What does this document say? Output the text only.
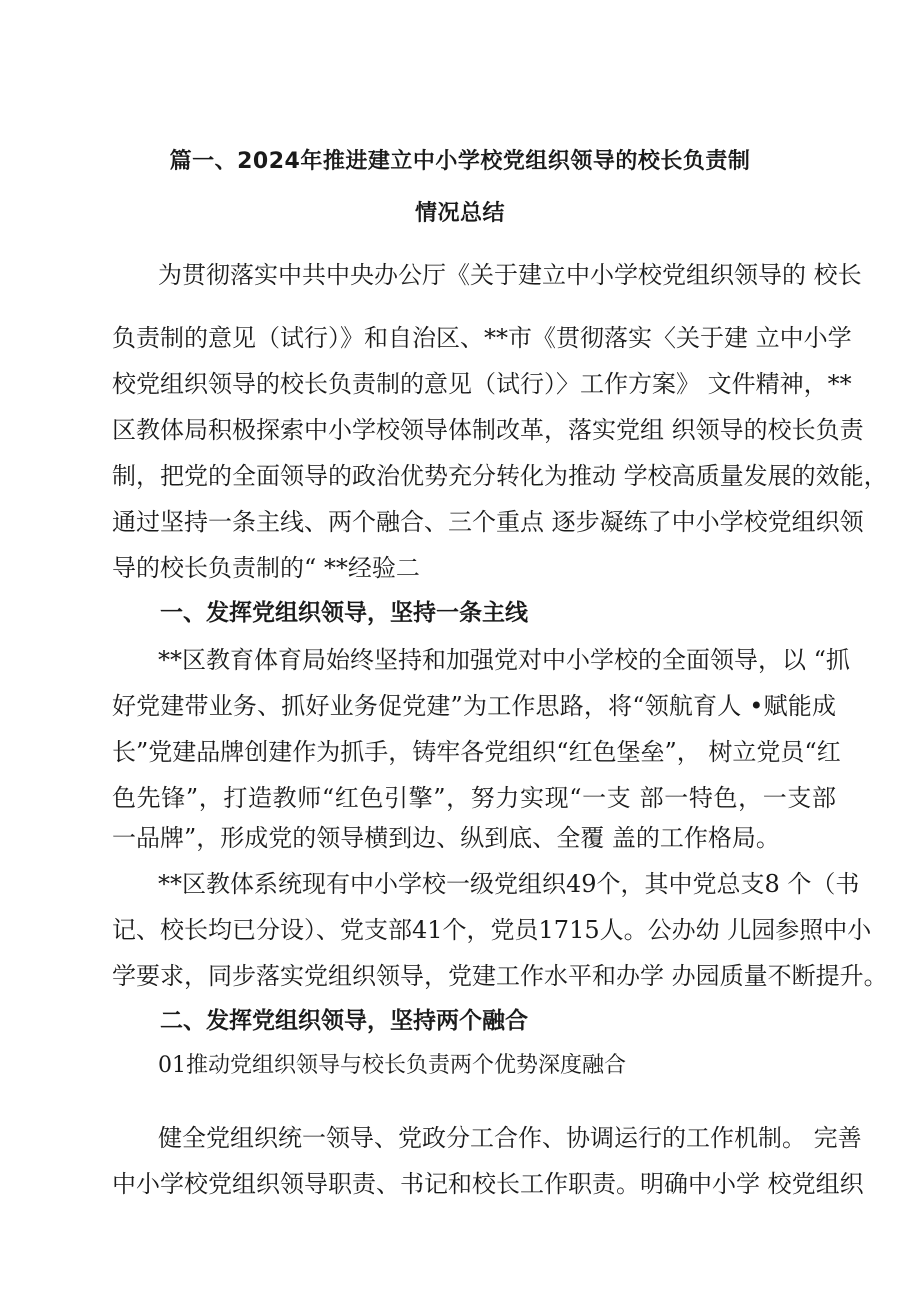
篇一、2024年推进建立中小学校党组织领导的校长负责制
情况总结
为贯彻落实中共中央办公厅《关于建立中小学校党组织领导的 校长
负责制的意见（试行）》和自治区、**市《贯彻落实〈关于建 立中小学
校党组织领导的校长负责制的意见（试行）〉工作方案》 文件精神，**
区教体局积极探索中小学校领导体制改革，落实党组 织领导的校长负责
制，把党的全面领导的政治优势充分转化为推动 学校高质量发展的效能，
通过坚持一条主线、两个融合、三个重点 逐步凝练了中小学校党组织领
导的校长负责制的“ **经验二
一、发挥党组织领导，坚持一条主线
**区教育体育局始终坚持和加强党对中小学校的全面领导，以 “抓
好党建带业务、抓好业务促党建”为工作思路，将“领航育人 •赋能成
长”党建品牌创建作为抓手，铸牢各党组织“红色堡垒”， 树立党员“红
色先锋”，打造教师“红色引擎”，努力实现“一支 部一特色，一支部
一品牌”，形成党的领导横到边、纵到底、全覆 盖的工作格局。
**区教体系统现有中小学校一级党组织49个，其中党总支8 个（书
记、校长均已分设）、党支部41个，党员1715人。公办幼 儿园参照中小
学要求，同步落实党组织领导，党建工作水平和办学 办园质量不断提升。
二、发挥党组织领导，坚持两个融合
01推动党组织领导与校长负责两个优势深度融合
健全党组织统一领导、党政分工合作、协调运行的工作机制。 完善
中小学校党组织领导职责、书记和校长工作职责。明确中小学 校党组织
